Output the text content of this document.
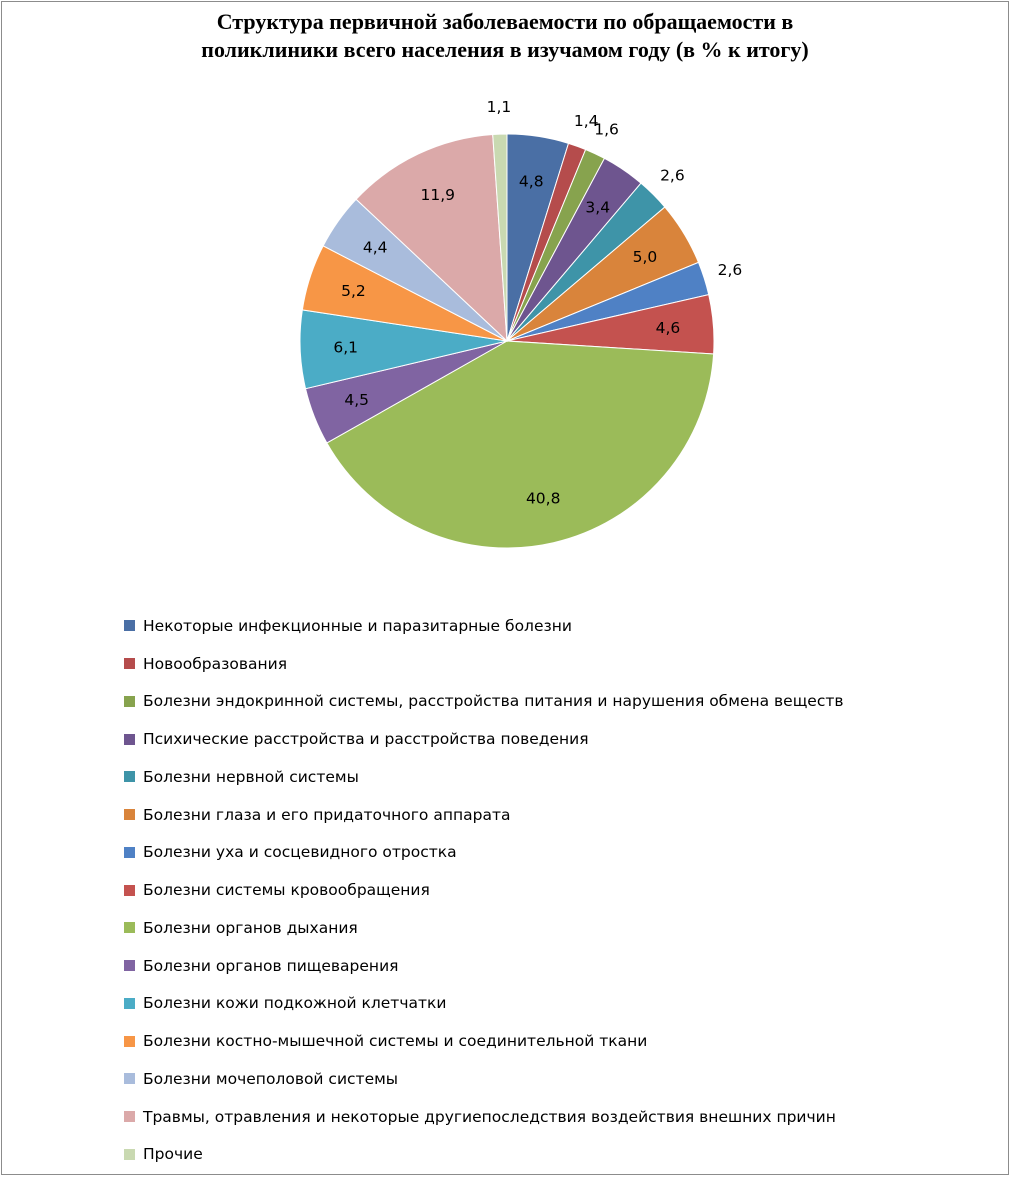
Структура первичной заболеваемости по обращаемости в
поликлиники всего населения в изучамом году (в % к итогу)
4,8
1,4
1,6
3,4
2,6
5,0
2,6
4,6
40,8
4,5
6,1
5,2
4,4
11,9
1,1
Некоторые инфекционные и паразитарные болезни
Новообразования
Болезни эндокринной системы, расстройства питания и нарушения обмена веществ
Психические расстройства и расстройства поведения
Болезни нервной системы
Болезни глаза и его придаточного аппарата
Болезни уха и сосцевидного отростка
Болезни системы кровообращения
Болезни органов дыхания
Болезни органов пищеварения
Болезни кожи подкожной клетчатки
Болезни костно-мышечной системы и соединительной ткани
Болезни мочеполовой системы
Травмы, отравления и некоторые другиепоследствия воздействия внешних причин
Прочие
